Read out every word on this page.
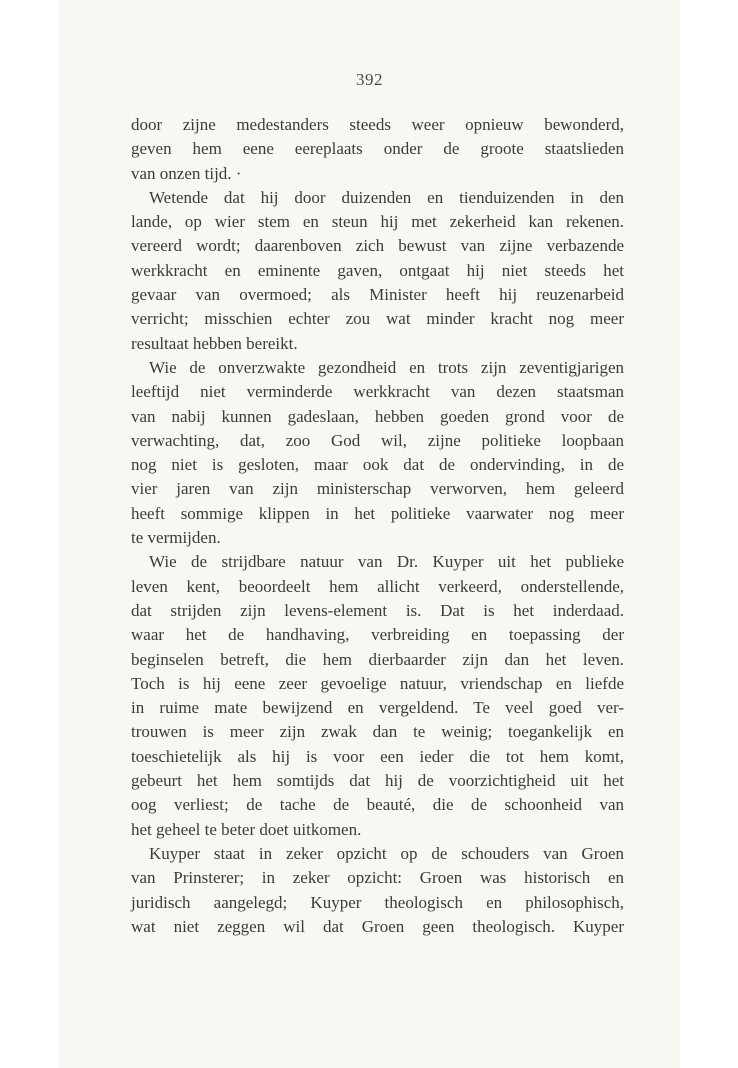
392
door zijne medestanders steeds weer opnieuw bewonderd,
geven hem eene eereplaats onder de groote staatslieden
van onzen tijd. ·
Wetende dat hij door duizenden en tienduizenden in den
lande, op wier stem en steun hij met zekerheid kan rekenen.
vereerd wordt; daarenboven zich bewust van zijne verbazende
werkkracht en eminente gaven, ontgaat hij niet steeds het
gevaar van overmoed; als Minister heeft hij reuzenarbeid
verricht; misschien echter zou wat minder kracht nog meer
resultaat hebben bereikt.
Wie de onverzwakte gezondheid en trots zijn zeventigjarigen
leeftijd niet verminderde werkkracht van dezen staatsman
van nabij kunnen gadeslaan, hebben goeden grond voor de
verwachting, dat, zoo God wil, zijne politieke loopbaan
nog niet is gesloten, maar ook dat de ondervinding, in de
vier jaren van zijn ministerschap verworven, hem geleerd
heeft sommige klippen in het politieke vaarwater nog meer
te vermijden.
Wie de strijdbare natuur van Dr. Kuyper uit het publieke
leven kent, beoordeelt hem allicht verkeerd, onderstellende,
dat strijden zijn levens-element is. Dat is het inderdaad.
waar het de handhaving, verbreiding en toepassing der
beginselen betreft, die hem dierbaarder zijn dan het leven.
Toch is hij eene zeer gevoelige natuur, vriendschap en liefde
in ruime mate bewijzend en vergeldend. Te veel goed ver-
trouwen is meer zijn zwak dan te weinig; toegankelijk en
toeschietelijk als hij is voor een ieder die tot hem komt,
gebeurt het hem somtijds dat hij de voorzichtigheid uit het
oog verliest; de tache de beauté, die de schoonheid van
het geheel te beter doet uitkomen.
Kuyper staat in zeker opzicht op de schouders van Groen
van Prinsterer; in zeker opzicht: Groen was historisch en
juridisch aangelegd; Kuyper theologisch en philosophisch,
wat niet zeggen wil dat Groen geen theologisch. Kuyper
